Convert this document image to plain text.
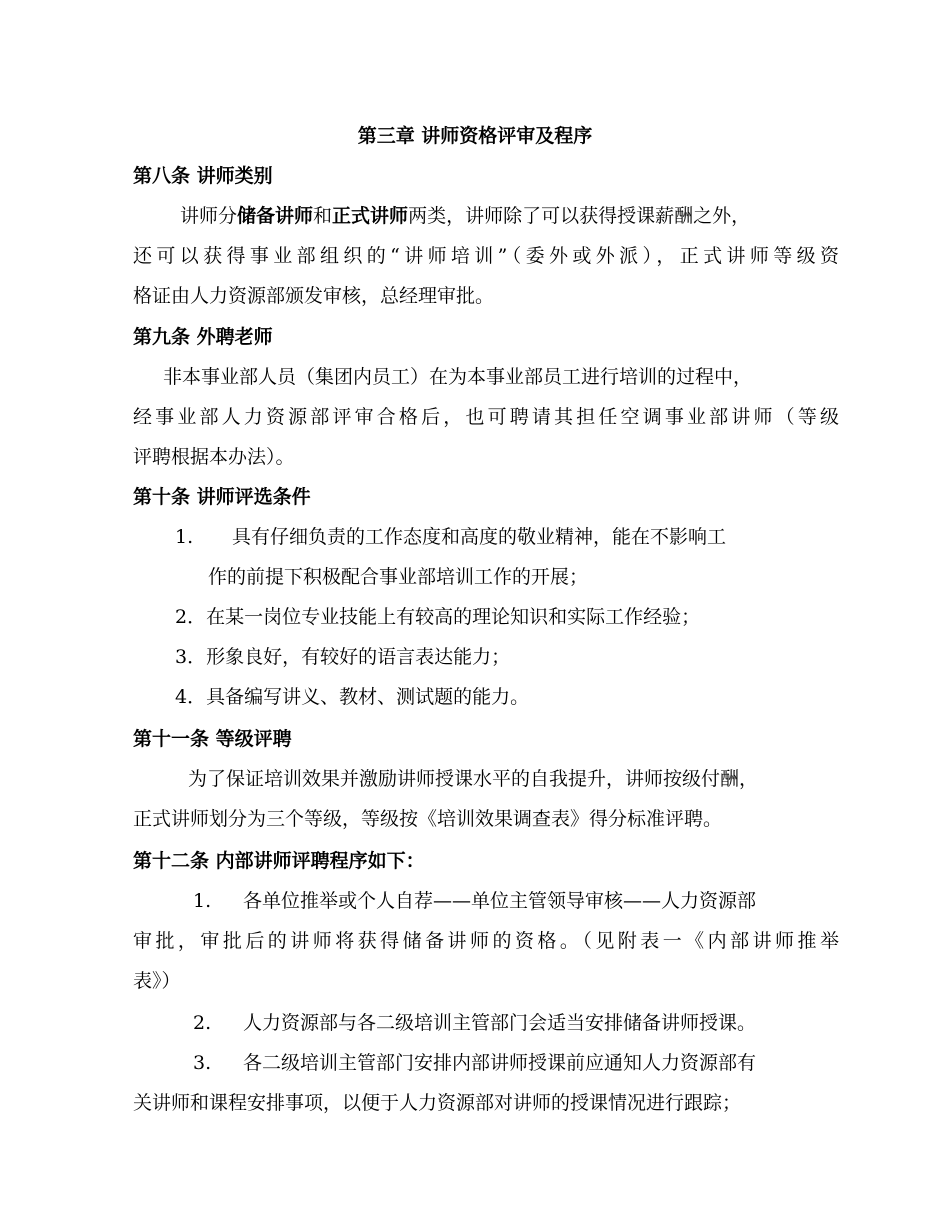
第三章 讲师资格评审及程序
第八条 讲师类别
讲师分储备讲师和正式讲师两类，讲师除了可以获得授课薪酬之外，
还可以获得事业部组织的“讲师培训”（委外或外派），正式讲师等级资
格证由人力资源部颁发审核，总经理审批。
第九条 外聘老师
非本事业部人员（集团内员工）在为本事业部员工进行培训的过程中，
经事业部人力资源部评审合格后，也可聘请其担任空调事业部讲师（等级
评聘根据本办法）。
第十条 讲师评选条件
1. 具有仔细负责的工作态度和高度的敬业精神，能在不影响工
作的前提下积极配合事业部培训工作的开展；
2．在某一岗位专业技能上有较高的理论知识和实际工作经验；
3．形象良好，有较好的语言表达能力；
4．具备编写讲义、教材、测试题的能力。
第十一条 等级评聘
为了保证培训效果并激励讲师授课水平的自我提升，讲师按级付酬，
正式讲师划分为三个等级，等级按《培训效果调查表》得分标准评聘。
第十二条 内部讲师评聘程序如下：
1. 各单位推举或个人自荐——单位主管领导审核——人力资源部
审批，审批后的讲师将获得储备讲师的资格。（见附表一《内部讲师推举
表》）
2. 人力资源部与各二级培训主管部门会适当安排储备讲师授课。
3. 各二级培训主管部门安排内部讲师授课前应通知人力资源部有
关讲师和课程安排事项，以便于人力资源部对讲师的授课情况进行跟踪；
